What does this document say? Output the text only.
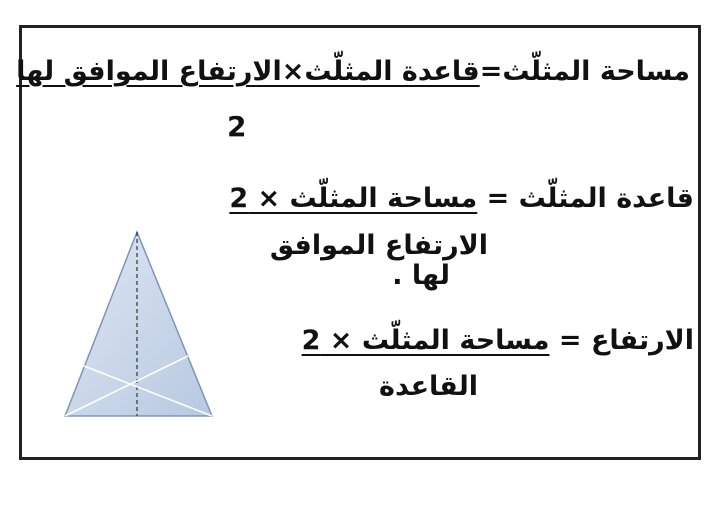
مساحة المثلّث=قاعدة المثلّث×الارتفاع الموافق لها
2
قاعدة المثلّث = مساحة المثلّث × 2
الارتفاع الموافق
لها .
الارتفاع = مساحة المثلّث × 2
القاعدة
